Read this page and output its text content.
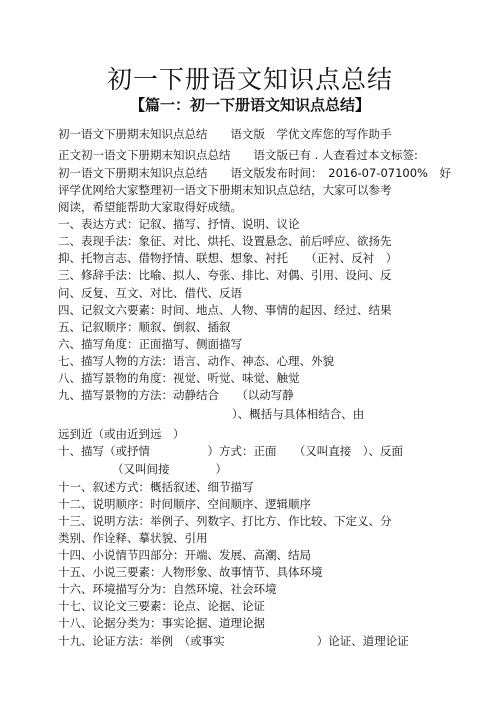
初一下册语文知识点总结
【篇一：初一下册语文知识点总结】
初一语文下册期末知识点总结　　语文版　学优文库您的写作助手
正文初一语文下册期末知识点总结　　语文版已有 . 人查看过本文标签:
初一语文下册期末知识点总结　　语文版发布时间：　2016-07-07100%　好
评学优网给大家整理初一语文下册期末知识点总结，大家可以参考
阅读，希望能帮助大家取得好成绩。
一、表达方式：记叙、描写、抒情、说明、议论
二、表现手法：象征、对比、烘托、设置悬念、前后呼应、欲扬先
抑、托物言志、借物抒情、联想、想象、衬托　　（正衬、反衬　）
三、修辞手法：比喻、拟人、夸张、排比、对偶、引用、设问、反
问、反复、互文、对比、借代、反语
四、记叙文六要素：时间、地点、人物、事情的起因、经过、结果
五、记叙顺序：顺叙、倒叙、插叙
六、描写角度：正面描写、侧面描写
七、描写人物的方法：语言、动作、神态、心理、外貌
八、描写景物的角度：视觉、听觉、味觉、触觉
九、描写景物的方法：动静结合　　（以动写静
）、概括与具体相结合、由
远到近（或由近到远　）
十、描写（或抒情　　　　　）方式：正面　　（又叫直接　）、反面
（又叫间接　　　　）
十一、叙述方式：概括叙述、细节描写
十二、说明顺序：时间顺序、空间顺序、逻辑顺序
十三、说明方法：举例子、列数字、打比方、作比较、下定义、分
类别、作诠释、摹状貌、引用
十四、小说情节四部分：开端、发展、高潮、结局
十五、小说三要素：人物形象、故事情节、具体环境
十六、环境描写分为：自然环境、社会环境
十七、议论文三要素：论点、论据、论证
十八、论据分类为：事实论据、道理论据
十九、论证方法：举例　（或事实　　　　　　　　）论证、道理论证
